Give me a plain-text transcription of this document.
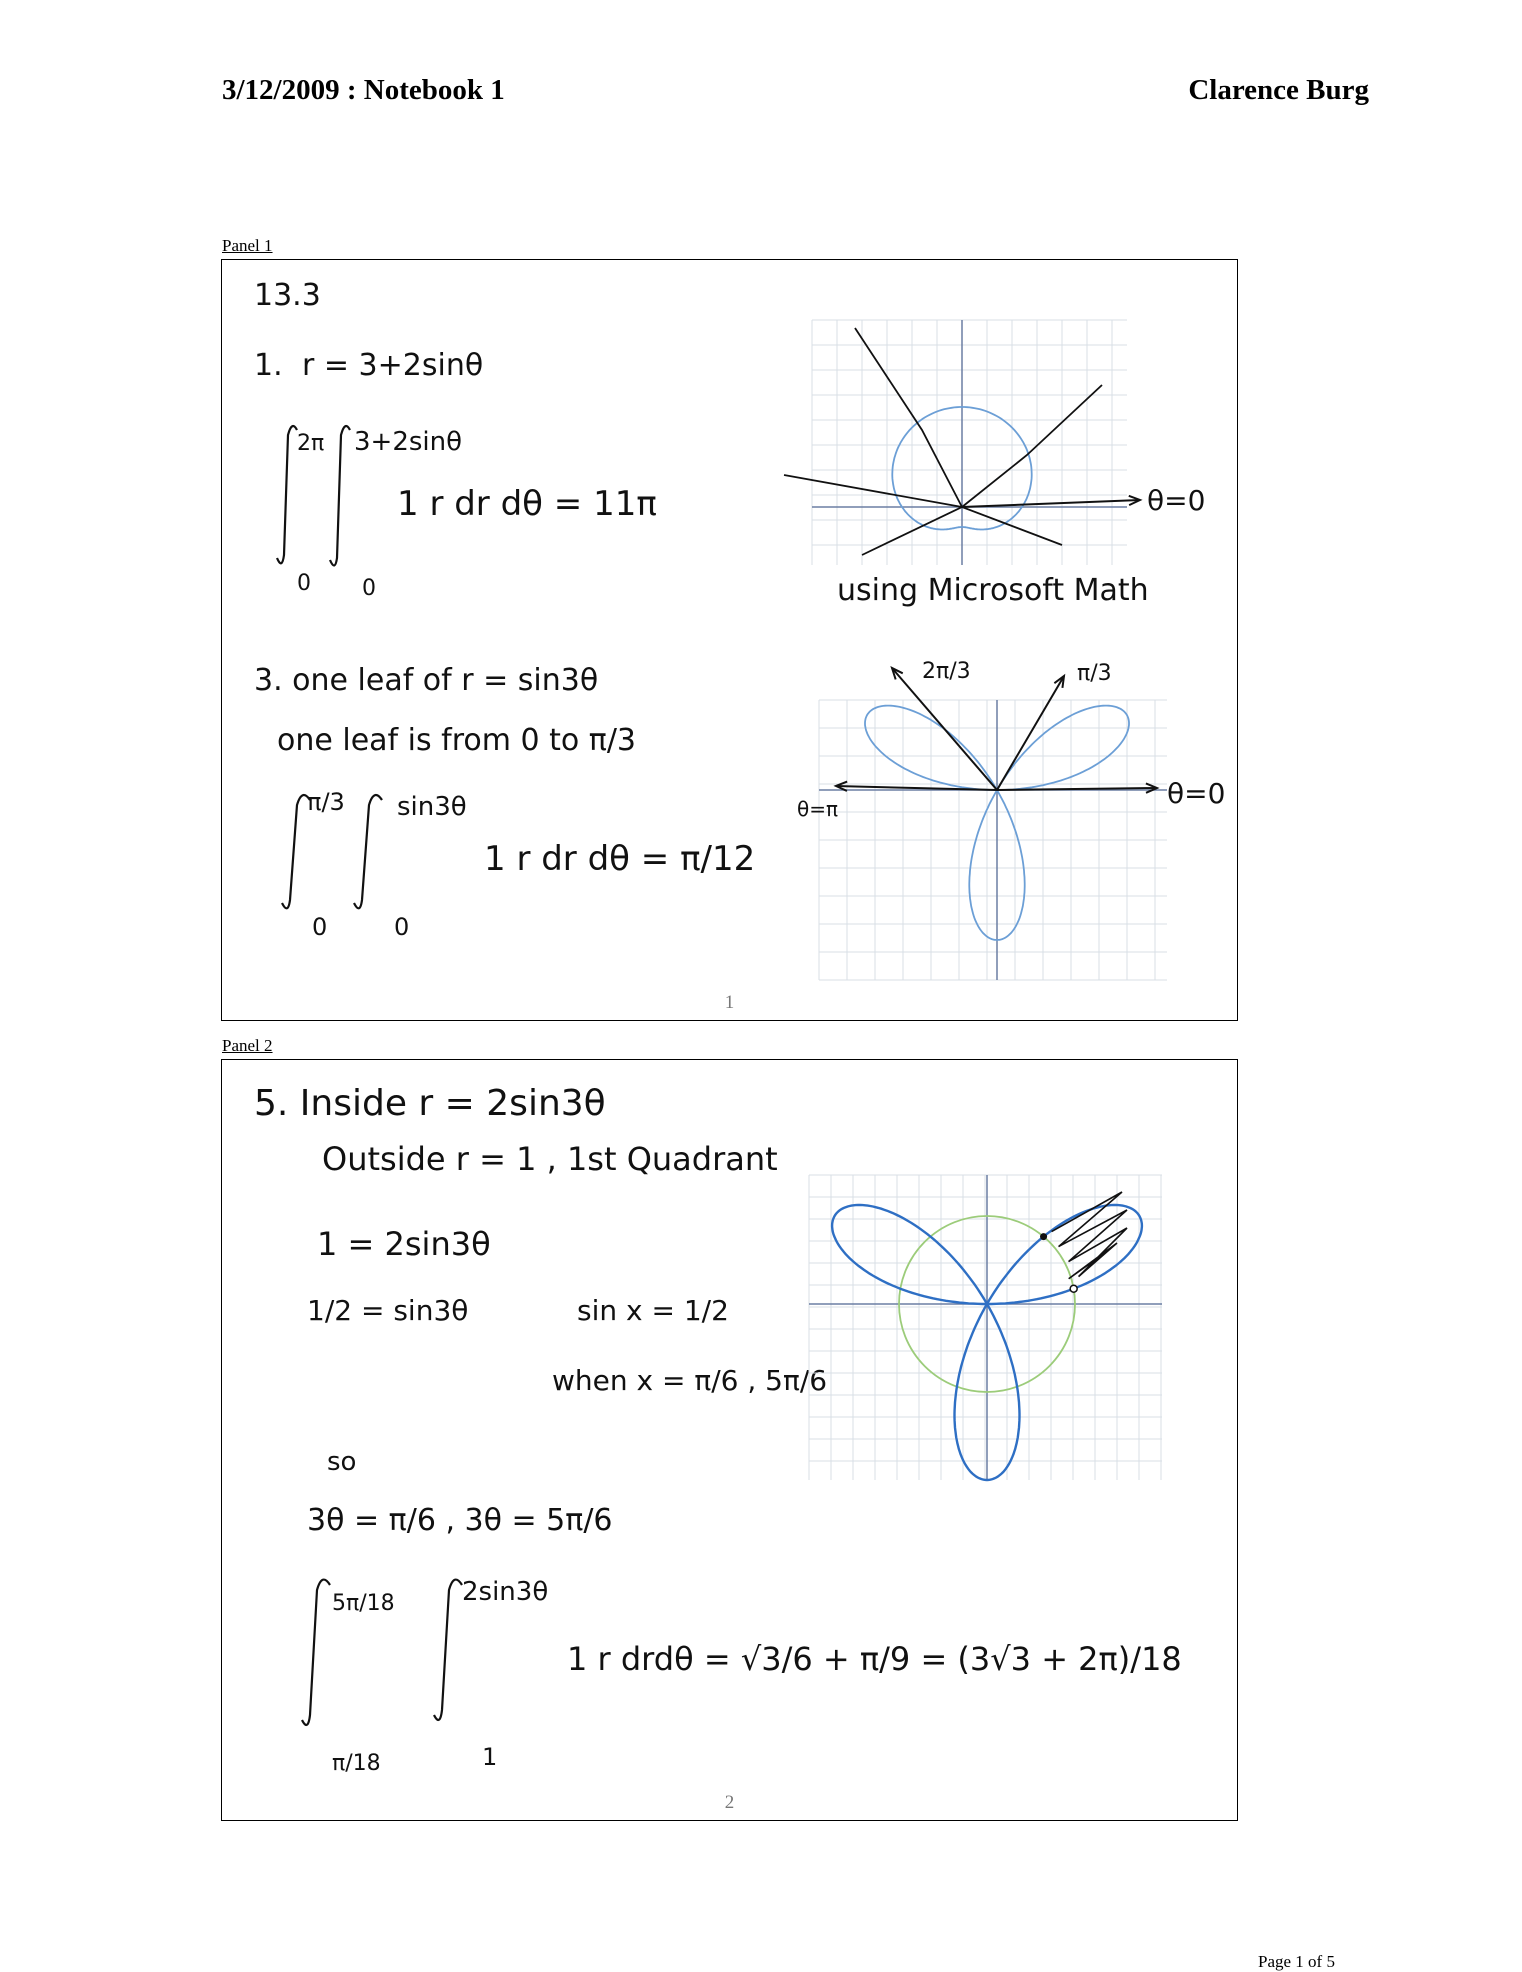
3/12/2009 : Notebook 1	Clarence Burg
Panel 1
13.3
1. r = 3+2sinθ
2π 3+2sinθ
1 r dr dθ = 11π
0 0
3. one leaf of r = sin3θ
one leaf is from 0 to π/3
π/3 sin3θ
1 r dr dθ = π/12
0	0
θ=0
using Microsoft Math
2π/3	π/3
θ=0
θ=π
1
Panel 2
5. Inside r = 2sin3θ
Outside r = 1 , 1st Quadrant
1 = 2sin3θ
1/2 = sin3θ	sin x = 1/2
when x = π/6 , 5π/6
so
3θ = π/6 , 3θ = 5π/6
5π/18	2sin3θ
1 r drdθ = √3/6 + π/9 = (3√3 + 2π)/18
π/18	1
2
Page 1 of 5
